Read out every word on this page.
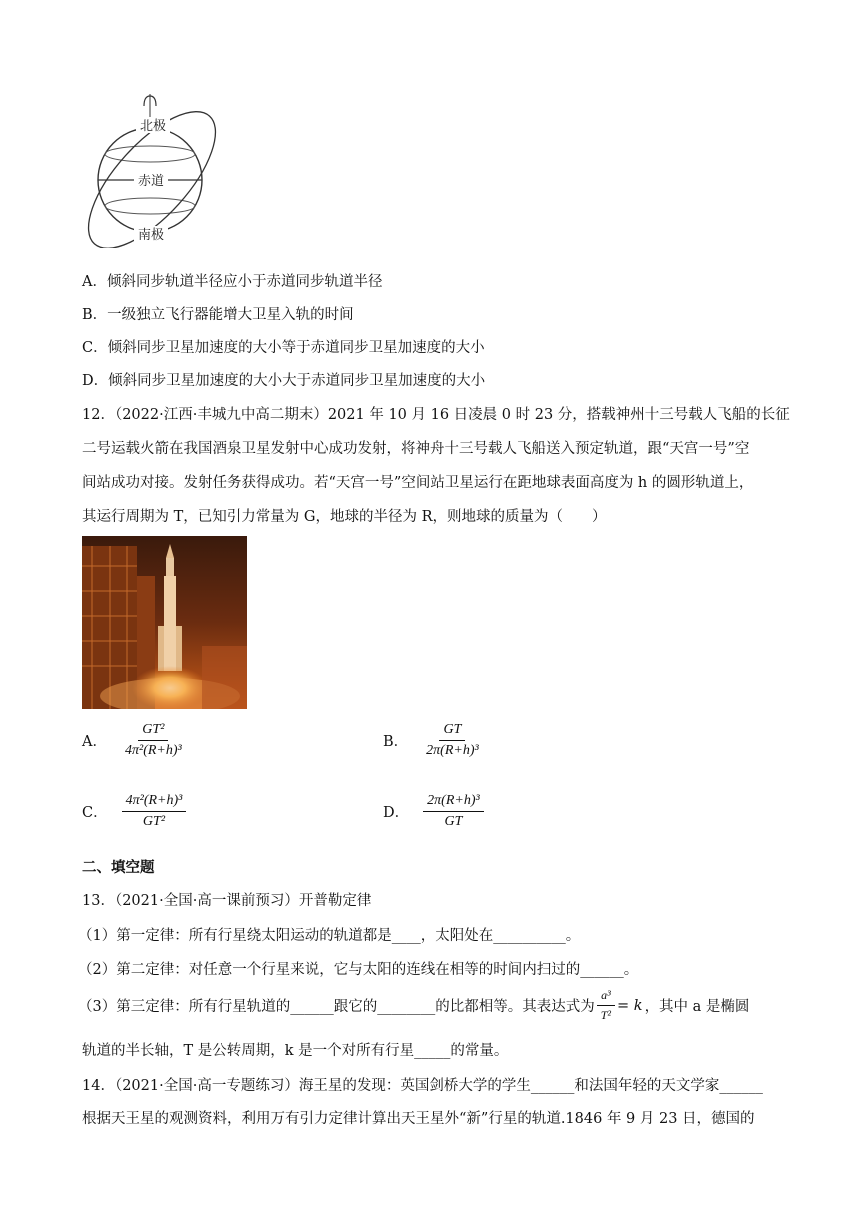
北极
赤道
南极
A．倾斜同步轨道半径应小于赤道同步轨道半径
B．一级独立飞行器能增大卫星入轨的时间
C．倾斜同步卫星加速度的大小等于赤道同步卫星加速度的大小
D．倾斜同步卫星加速度的大小大于赤道同步卫星加速度的大小
12．（2022·江西·丰城九中高二期末）2021 年 10 月 16 日凌晨 0 时 23 分，搭载神州十三号载人飞船的长征
二号运载火箭在我国酒泉卫星发射中心成功发射，将神舟十三号载人飞船送入预定轨道，跟“天宫一号”空
间站成功对接。发射任务获得成功。若“天宫一号”空间站卫星运行在距地球表面高度为 h 的圆形轨道上，
其运行周期为 T，已知引力常量为 G，地球的半径为 R，则地球的质量为（　　）
A． $\frac{\text{GT²}}{\text{4π²(R+h)³}}$	B． $\frac{GT}{\text{2π(R+h)³}}$
C． $\frac{\text{4π²(R+h)³}}{\text{GT²}}$	D． $\frac{\text{2π(R+h)³}}{GT}$
二、填空题
13．（2021·全国·高一课前预习）开普勒定律
（1）第一定律：所有行星绕太阳运动的轨道都是____，太阳处在__________。
（2）第二定律：对任意一个行星来说，它与太阳的连线在相等的时间内扫过的______。
（3）第三定律：所有行星轨道的______跟它的________的比都相等。其表达式为 $\frac{\text{a³}}{\text{T²}} = k$ ，其中 a 是椭圆
轨道的半长轴，T 是公转周期，k 是一个对所有行星_____的常量。
14．（2021·全国·高一专题练习）海王星的发现：英国剑桥大学的学生______和法国年轻的天文学家______
根据天王星的观测资料，利用万有引力定律计算出天王星外“新”行星的轨道.1846 年 9 月 23 日，德国的
